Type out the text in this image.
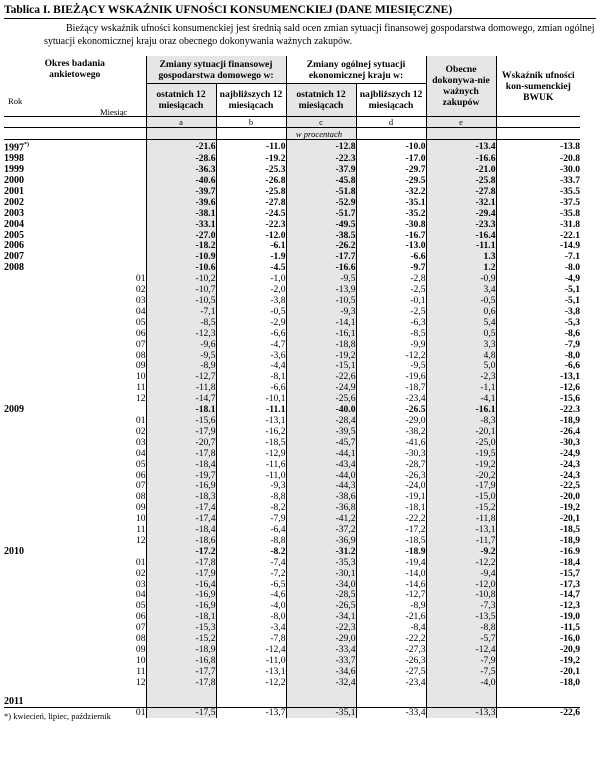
Tablica I. BIEŻĄCY WSKAŹNIK UFNOŚCI KONSUMENCKIEJ (DANE MIESIĘCZNE)
Bieżący wskaźnik ufności konsumenckiej jest średnią sald ocen zmian sytuacji finansowej gospodarstwa domowego, zmian ogólnej sytuacji ekonomicznej kraju oraz obecnego dokonywania ważnych zakupów.
Okres badania ankietowego
Rok
Miesiąc		Zmiany sytuacji finansowej gospodarstwa domowego w:		Zmiany ogólnej sytuacji ekonomicznej kraju w:		Obecne dokonywa-nie ważnych zakupów	Wskaźnik ufności kon-sumenckiej BWUK
		ostatnich 12 miesiącach	najbliższych 12 miesiącach	ostatnich 12 miesiącach	najbliższych 12 miesiącach		
		a	b	c	d	e	
				w procentach			
1997*)		-21.6	-11.0	-12.8	-10.0	-13.4	-13.8
1998		-28.6	-19.2	-22.3	-17.0	-16.6	-20.8
1999		-36.3	-25.3	-37.9	-29.7	-21.0	-30.0
2000		-40.6	-26.8	-45.8	-29.5	-25.8	-33.7
2001		-39.7	-25.8	-51.8	-32.2	-27.8	-35.5
2002		-39.6	-27.8	-52.9	-35.1	-32.1	-37.5
2003		-38.1	-24.5	-51.7	-35.2	-29.4	-35.8
2004		-33.1	-22.3	-49.5	-30.8	-23.3	-31.8
2005		-27.0	-12.0	-38.5	-16.7	-16.4	-22.1
2006		-18.2	-6.1	-26.2	-13.0	-11.1	-14.9
2007		-10.9	-1.9	-17.7	-6.6	1.3	-7.1
2008		-10.6	-4.5	-16.6	-9.7	1.2	-8.0
	01	-10,2	-1,0	-9,5	-2,8	-0,9	-4,9
	02	-10,7	-2,0	-13,9	-2,5	3,4	-5,1
	03	-10,5	-3,8	-10,5	-0,1	-0,5	-5,1
	04	-7,1	-0,5	-9,3	-2,5	0,6	-3,8
	05	-8,5	-2,9	-14,1	-6,3	5,4	-5,3
	06	-12,3	-6,6	-16,1	-8,5	0,5	-8,6
	07	-9,6	-4,7	-18,8	-9,9	3,3	-7,9
	08	-9,5	-3,6	-19,2	-12,2	4,8	-8,0
	09	-8,9	-4,4	-15,1	-9,5	5,0	-6,6
	10	-12,7	-8,1	-22,6	-19,6	-2,3	-13,1
	11	-11,8	-6,6	-24,9	-18,7	-1,1	-12,6
	12	-14,7	-10,1	-25,6	-23,4	-4,1	-15,6
2009		-18.1	-11.1	-40.0	-26.5	-16.1	-22.3
	01	-15,6	-13,1	-28,4	-29,0	-8,3	-18,9
	02	-17,9	-16,2	-39,5	-38,2	-20,1	-26,4
	03	-20,7	-18,5	-45,7	-41,6	-25,0	-30,3
	04	-17,8	-12,9	-44,1	-30,3	-19,5	-24,9
	05	-18,4	-11,6	-43,4	-28,7	-19,2	-24,3
	06	-19,7	-11,0	-44,0	-26,3	-20,2	-24,3
	07	-16,9	-9,3	-44,3	-24,0	-17,9	-22,5
	08	-18,3	-8,8	-38,6	-19,1	-15,0	-20,0
	09	-17,4	-8,2	-36,8	-18,1	-15,2	-19,2
	10	-17,4	-7,9	-41,2	-22,2	-11,8	-20,1
	11	-18,4	-6,4	-37,2	-17,2	-13,1	-18,5
	12	-18,6	-8,8	-36,9	-18,5	-11,7	-18,9
2010		-17.2	-8.2	-31.2	-18.9	-9.2	-16.9
	01	-17,8	-7,4	-35,3	-19,4	-12,2	-18,4
	02	-17,9	-7,2	-30,1	-14,0	-9,4	-15,7
	03	-16,4	-6,5	-34,0	-14,6	-12,0	-17,3
	04	-16,9	-4,6	-28,5	-12,7	-10,8	-14,7
	05	-16,9	-4,0	-26,5	-8,9	-7,3	-12,3
	06	-18,1	-8,0	-34,1	-21,6	-13,5	-19,0
	07	-15,3	-3,4	-22,3	-8,4	-8,8	-11,5
	08	-15,2	-7,8	-29,0	-22,2	-5,7	-16,0
	09	-18,9	-12,4	-33,4	-27,3	-12,4	-20,9
	10	-16,8	-11,0	-33,7	-26,3	-7,9	-19,2
	11	-17,7	-13,1	-34,6	-27,5	-7,5	-20,1
	12	-17,8	-12,2	-32,4	-23,4	-4,0	-18,0

2011							
	01	-17,5	-13,7	-35,1	-33,4	-13,3	-22,6
*) kwiecień, lipiec, październik
